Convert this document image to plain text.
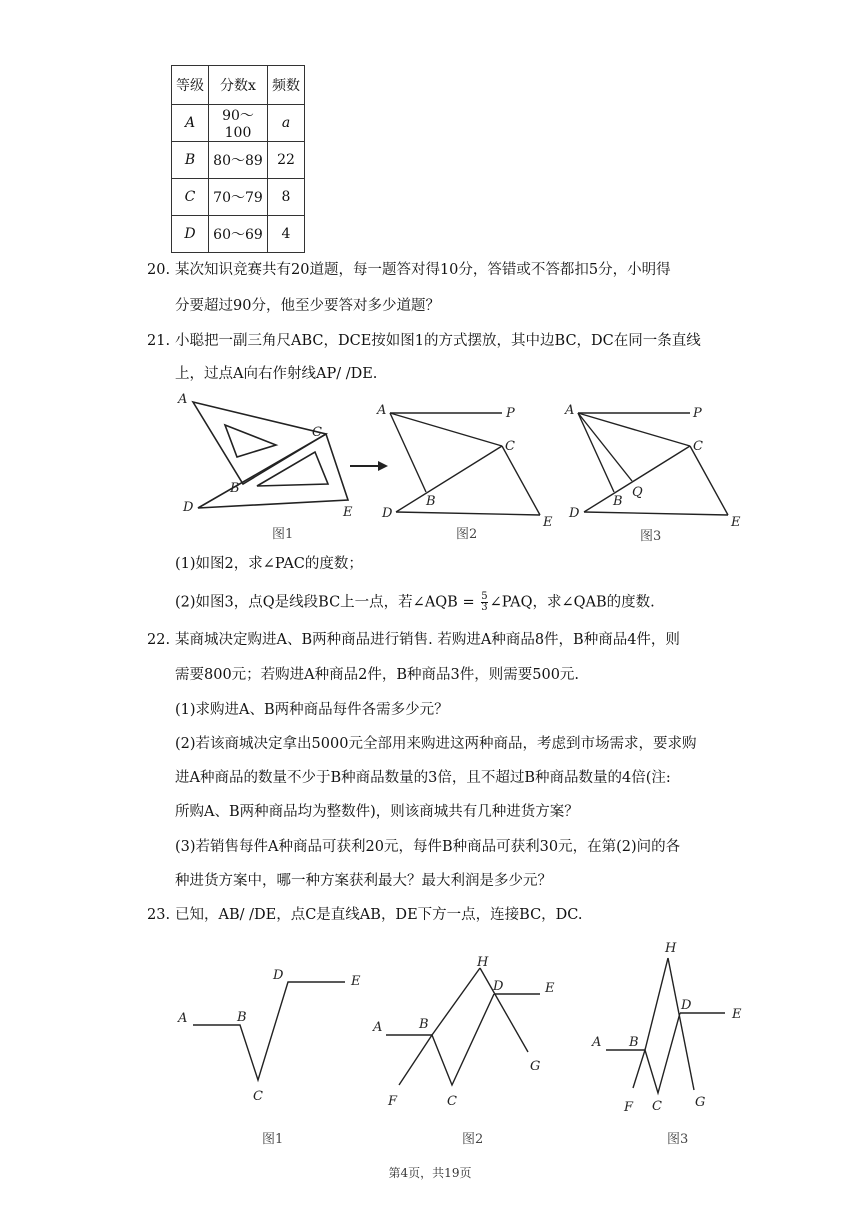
等级	分数x	频数
A	90～100	a
B	80～89	22
C	70～79	8
D	60～69	4
20. 某次知识竞赛共有20道题，每一题答对得10分，答错或不答都扣5分，小明得
分要超过90分，他至少要答对多少道题？
21. 小聪把一副三角尺ABC，DCE按如图1的方式摆放，其中边BC，DC在同一条直线
上，过点A向右作射线AP/ /DE.
A
C
B
D	E
图1
A	P
C
B
D
E
图2
A	P
C
Q
B
D
E
图3
(1)如图2，求∠PAC的度数；
(2)如图3，点Q是线段BC上一点，若∠AQB = $\frac{5}{3}$ ∠PAQ，求∠QAB的度数.
22. 某商城决定购进A、B两种商品进行销售. 若购进A种商品8件，B种商品4件，则
需要800元；若购进A种商品2件，B种商品3件，则需要500元.
(1)求购进A、B两种商品每件各需多少元？
(2)若该商城决定拿出5000元全部用来购进这两种商品，考虑到市场需求，要求购
进A种商品的数量不少于B种商品数量的3倍，且不超过B种商品数量的4倍(注:
所购A、B两种商品均为整数件)，则该商城共有几种进货方案？
(3)若销售每件A种商品可获利20元，每件B种商品可获利30元，在第(2)问的各
种进货方案中，哪一种方案获利最大？最大利润是多少元？
23. 已知，AB/ /DE，点C是直线AB，DE下方一点，连接BC，DC.
A	B
C
D	E
图1
H
D	E
A	B
G
F	C
图2
H
D
E
A B
G
F C
图3
第4页，共19页
